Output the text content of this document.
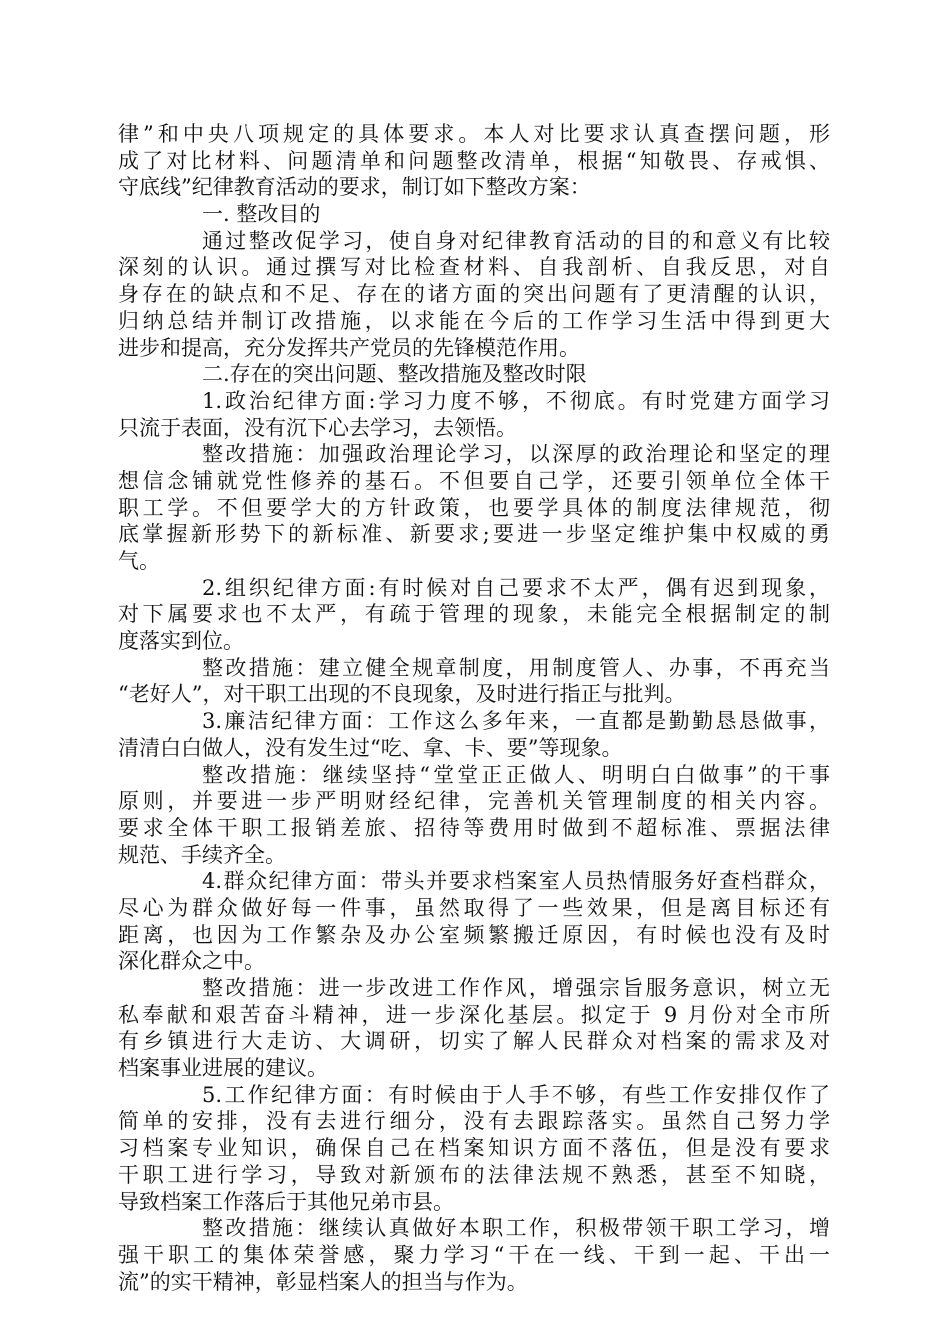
律”和中央八项规定的具体要求。本人对比要求认真查摆问题，形
成了对比材料、问题清单和问题整改清单，根据“知敬畏、存戒惧、
守底线”纪律教育活动的要求，制订如下整改方案：
一. 整改目的
通过整改促学习，使自身对纪律教育活动的目的和意义有比较
深刻的认识。通过撰写对比检查材料、自我剖析、自我反思，对自
身存在的缺点和不足、存在的诸方面的突出问题有了更清醒的认识，
归纳总结并制订改措施，以求能在今后的工作学习生活中得到更大
进步和提高，充分发挥共产党员的先锋模范作用。
二.存在的突出问题、整改措施及整改时限
1.政治纪律方面:学习力度不够，不彻底。有时党建方面学习
只流于表面，没有沉下心去学习，去领悟。
整改措施：加强政治理论学习，以深厚的政治理论和坚定的理
想信念铺就党性修养的基石。不但要自己学，还要引领单位全体干
职工学。不但要学大的方针政策，也要学具体的制度法律规范，彻
底掌握新形势下的新标准、新要求;要进一步坚定维护集中权威的勇
气。
2.组织纪律方面:有时候对自己要求不太严，偶有迟到现象，
对下属要求也不太严，有疏于管理的现象，未能完全根据制定的制
度落实到位。
整改措施：建立健全规章制度，用制度管人、办事，不再充当
“老好人”，对干职工出现的不良现象，及时进行指正与批判。
3.廉洁纪律方面：工作这么多年来，一直都是勤勤恳恳做事，
清清白白做人，没有发生过“吃、拿、卡、要”等现象。
整改措施：继续坚持“堂堂正正做人、明明白白做事”的干事
原则，并要进一步严明财经纪律，完善机关管理制度的相关内容。
要求全体干职工报销差旅、招待等费用时做到不超标准、票据法律
规范、手续齐全。
4.群众纪律方面：带头并要求档案室人员热情服务好查档群众，
尽心为群众做好每一件事，虽然取得了一些效果，但是离目标还有
距离，也因为工作繁杂及办公室频繁搬迁原因，有时候也没有及时
深化群众之中。
整改措施：进一步改进工作作风，增强宗旨服务意识，树立无
私奉献和艰苦奋斗精神，进一步深化基层。拟定于 9 月份对全市所
有乡镇进行大走访、大调研，切实了解人民群众对档案的需求及对
档案事业进展的建议。
5.工作纪律方面：有时候由于人手不够，有些工作安排仅作了
简单的安排，没有去进行细分，没有去跟踪落实。虽然自己努力学
习档案专业知识，确保自己在档案知识方面不落伍，但是没有要求
干职工进行学习，导致对新颁布的法律法规不熟悉，甚至不知晓，
导致档案工作落后于其他兄弟市县。
整改措施：继续认真做好本职工作，积极带领干职工学习，增
强干职工的集体荣誉感，聚力学习“干在一线、干到一起、干出一
流”的实干精神，彰显档案人的担当与作为。
